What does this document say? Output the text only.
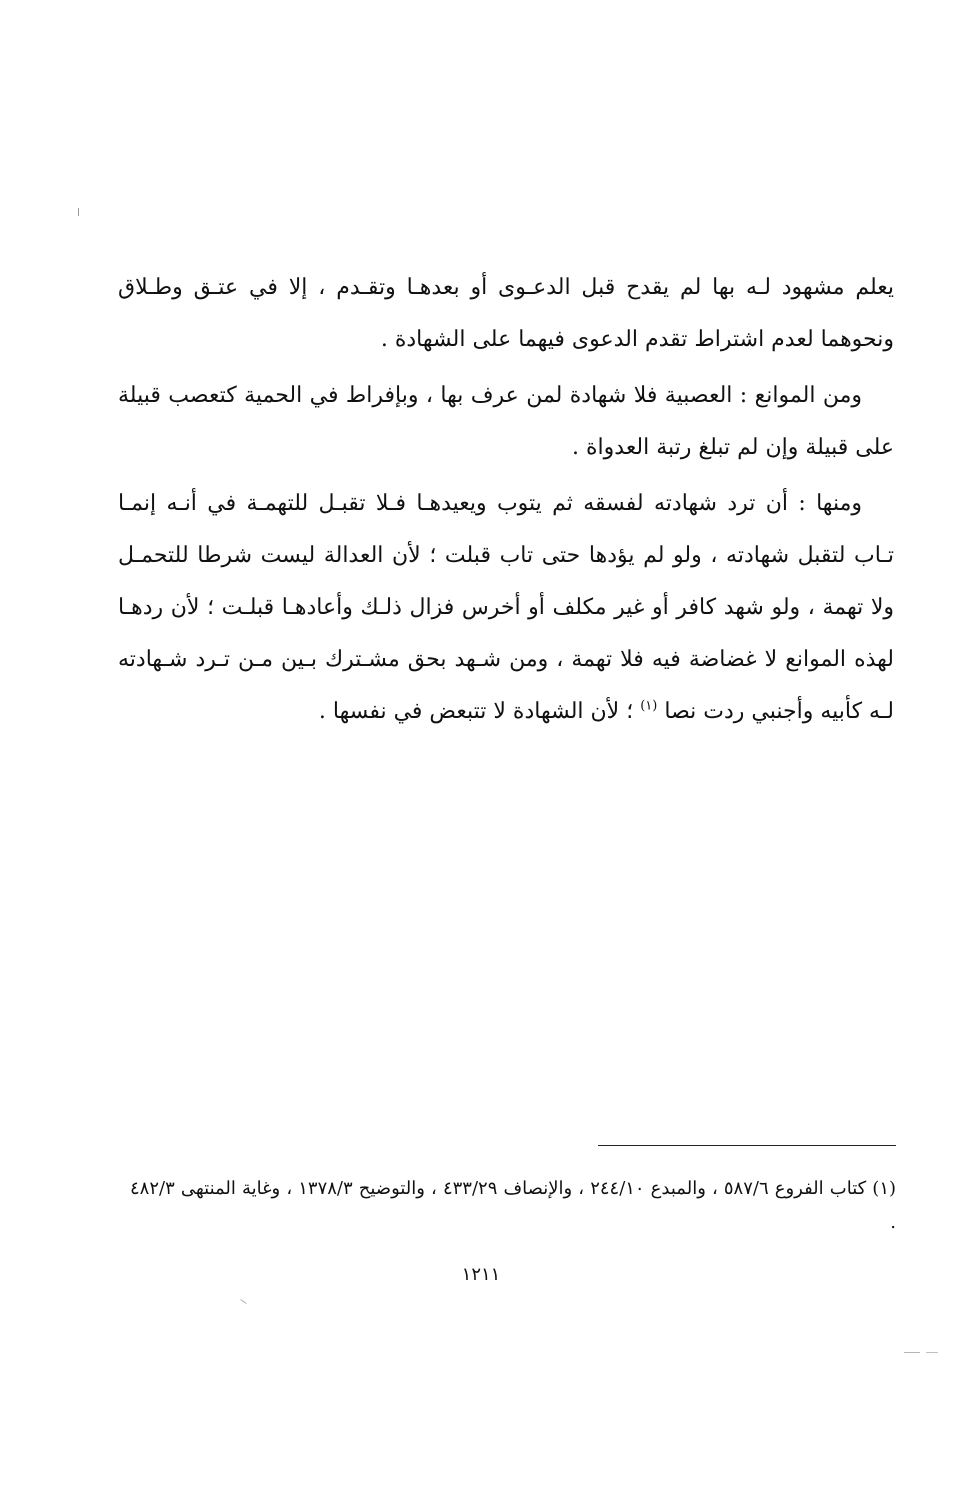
يعلم مشهود لـه بها لم يقدح قبل الدعـوى أو بعدهـا وتقـدم ، إلا في عتـق وطـلاق ونحوهما لعدم اشتراط تقدم الدعوى فيهما على الشهادة .

ومن الموانع : العصبية فلا شهادة لمن عرف بها ، وبإفراط في الحمية كتعصب قبيلة على قبيلة وإن لم تبلغ رتبة العدواة .

ومنها : أن ترد شهادته لفسقه ثم يتوب ويعيدهـا فـلا تقبـل للتهمـة في أنـه إنمـا تـاب لتقبل شهادته ، ولو لم يؤدها حتى تاب قبلت ؛ لأن العدالة ليست شرطا للتحمـل ولا تهمة ، ولو شهد كافر أو غير مكلف أو أخرس فزال ذلـك وأعادهـا قبلـت ؛ لأن ردهـا لهذه الموانع لا غضاضة فيه فلا تهمة ، ومن شـهد بحق مشـترك بـين مـن تـرد شـهادته لـه كأبيه وأجنبي ردت نصا $^{(١)}$ ؛ لأن الشهادة لا تتبعض في نفسها .

(١) كتاب الفروع ٥٨٧/٦ ، والمبدع ٢٤٤/١٠ ، والإنصاف ٤٣٣/٢٩ ، والتوضيح ١٣٧٨/٣ ، وغاية المنتهى ٤٨٢/٣ .

١٢١١
